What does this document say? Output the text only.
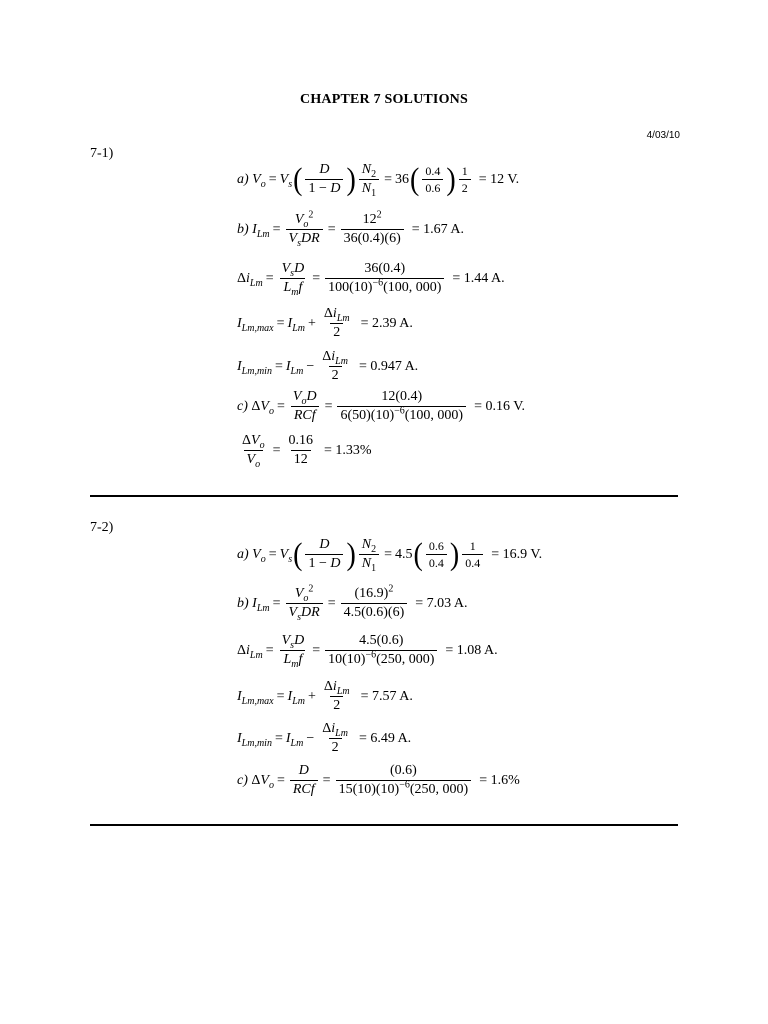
CHAPTER 7 SOLUTIONS
4/03/10
7-1)
a)
$V_o = V_s$ ( $\frac{D}{1 - D}$ ) $\frac{N_2}{N_1} = 36$ ( $\frac{0.4}{0.6}$ ) $\frac{1}{2} = 12$ V.
b)
$I_{Lm} = \frac{V_o^2}{V_sDR} = \frac{12^2}{36(0.4)(6)} = 1.67$ A.
Δ $i_{Lm} = \frac{V_sD}{L_mf} = \frac{36(0.4)}{100(10)^{-6}(100, 000)} = 1.44$ A.
$I_{Lm,max} = I_{Lm} + \frac{\Delta i_{Lm}}{2} = 2.39$ A.
$I_{Lm,min} = I_{Lm} - \frac{\Delta i_{Lm}}{2} = 0.947$ A.
c) Δ $V_o = \frac{V_oD}{\text{RCf}} = \frac{12(0.4)}{6(50)(10)^{-6}(100, 000)} = 0.16$ V.
$\frac{\Delta V_o}{V_o} = \frac{0.16}{12} = 1.33\%$
7-2)
a)
$V_o = V_s$ ( $\frac{D}{1 - D}$ ) $\frac{N_2}{N_1} = 4.5$ ( $\frac{0.6}{0.4}$ ) $\frac{1}{0.4} = 16.9$ V.
b)
$I_{Lm} = \frac{V_o^2}{V_sDR} = \frac{(16.9)^2}{4.5(0.6)(6)} = 7.03$ A.
Δ $i_{Lm} = \frac{V_sD}{L_mf} = \frac{4.5(0.6)}{10(10)^{-6}(250, 000)} = 1.08$ A.
$I_{Lm,max} = I_{Lm} + \frac{\Delta i_{Lm}}{2} = 7.57$ A.
$I_{Lm,min} = I_{Lm} - \frac{\Delta i_{Lm}}{2} = 6.49$ A.
c) Δ $V_o = \frac{D}{\text{RCf}} = \frac{(0.6)}{15(10)(10)^{-6}(250, 000)} = 1.6\%$
